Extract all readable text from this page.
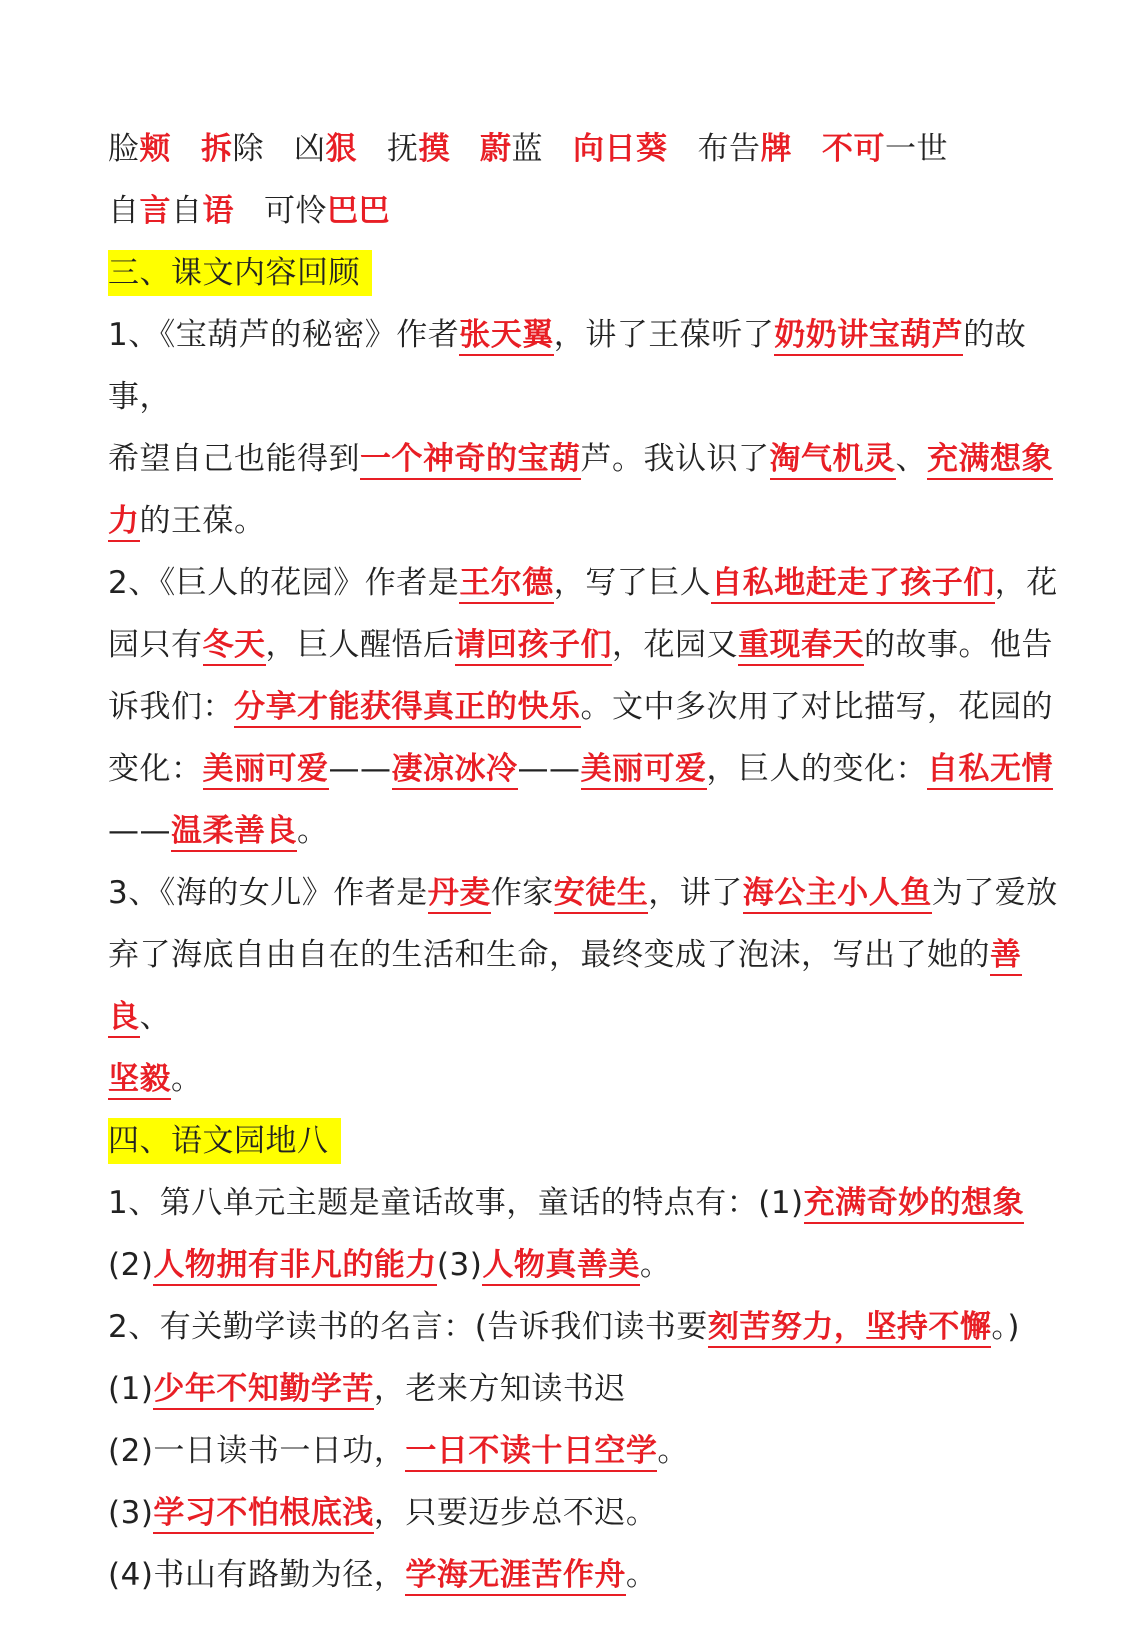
脸颊 拆除 凶狠 抚摸 蔚蓝 向日葵 布告牌 不可一世
自言自语 可怜巴巴
三、课文内容回顾
1、《宝葫芦的秘密》作者张天翼，讲了王葆听了奶奶讲宝葫芦的故事，
希望自己也能得到一个神奇的宝葫芦。我认识了淘气机灵、充满想象
力的王葆。
2、《巨人的花园》作者是王尔德，写了巨人自私地赶走了孩子们，花
园只有冬天，巨人醒悟后请回孩子们，花园又重现春天的故事。他告
诉我们：分享才能获得真正的快乐。文中多次用了对比描写，花园的
变化：美丽可爱——凄凉冰冷——美丽可爱，巨人的变化：自私无情
——温柔善良。
3、《海的女儿》作者是丹麦作家安徒生，讲了海公主小人鱼为了爱放
弃了海底自由自在的生活和生命，最终变成了泡沫，写出了她的善良、
坚毅。
四、语文园地八
1、第八单元主题是童话故事，童话的特点有：(1)充满奇妙的想象
(2)人物拥有非凡的能力(3)人物真善美。
2、有关勤学读书的名言：(告诉我们读书要刻苦努力，坚持不懈。)
(1)少年不知勤学苦，老来方知读书迟
(2)一日读书一日功，一日不读十日空学。
(3)学习不怕根底浅，只要迈步总不迟。
(4)书山有路勤为径，学海无涯苦作舟。
